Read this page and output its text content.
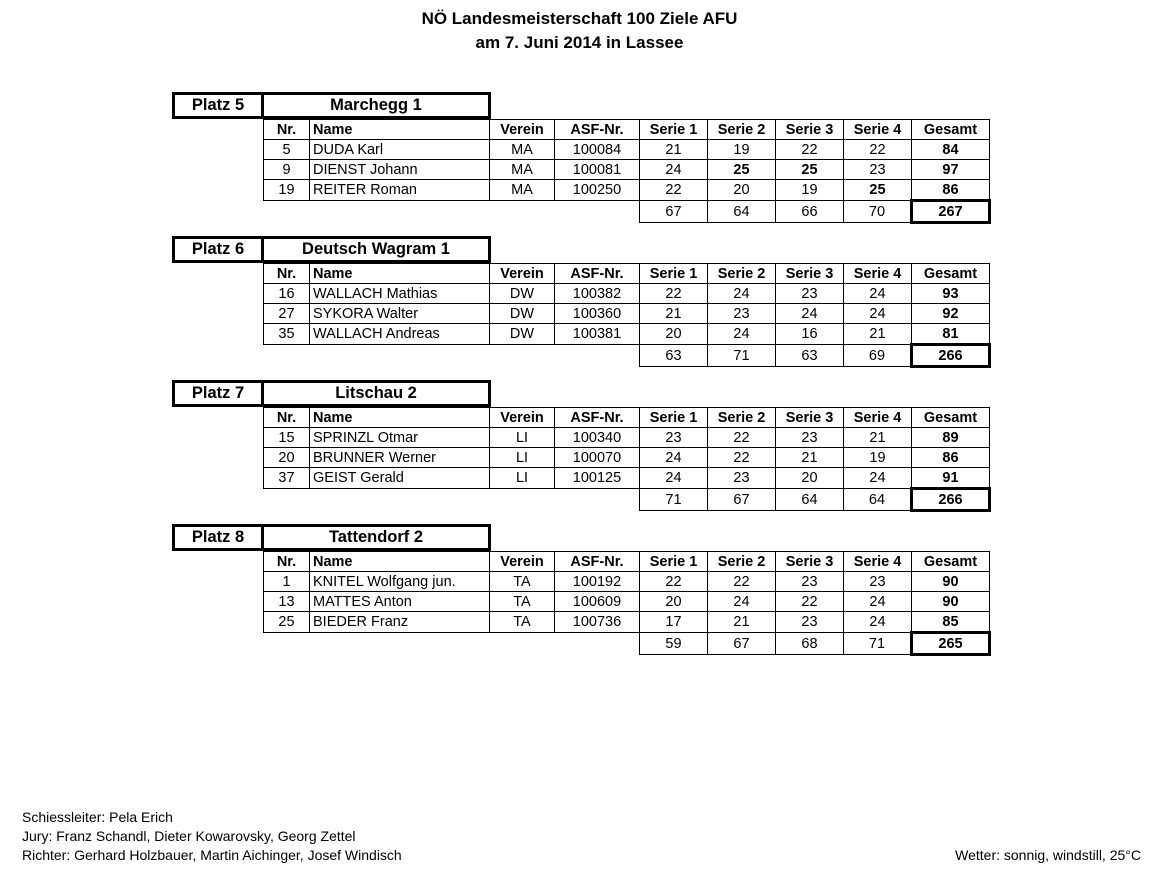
NÖ Landesmeisterschaft 100 Ziele AFU
am 7. Juni 2014 in Lassee
Platz 5	Marchegg 1
Nr.	Name	Verein	ASF-Nr.	Serie 1	Serie 2	Serie 3	Serie 4	Gesamt
5	DUDA Karl	MA	100084	21	19	22	22	84
9	DIENST Johann	MA	100081	24	25	25	23	97
19	REITER Roman	MA	100250	22	20	19	25	86
				67	64	66	70	267
Platz 6	Deutsch Wagram 1
Nr.	Name	Verein	ASF-Nr.	Serie 1	Serie 2	Serie 3	Serie 4	Gesamt
16	WALLACH Mathias	DW	100382	22	24	23	24	93
27	SYKORA Walter	DW	100360	21	23	24	24	92
35	WALLACH Andreas	DW	100381	20	24	16	21	81
				63	71	63	69	266
Platz 7	Litschau 2
Nr.	Name	Verein	ASF-Nr.	Serie 1	Serie 2	Serie 3	Serie 4	Gesamt
15	SPRINZL Otmar	LI	100340	23	22	23	21	89
20	BRUNNER Werner	LI	100070	24	22	21	19	86
37	GEIST Gerald	LI	100125	24	23	20	24	91
				71	67	64	64	266
Platz 8	Tattendorf 2
Nr.	Name	Verein	ASF-Nr.	Serie 1	Serie 2	Serie 3	Serie 4	Gesamt
1	KNITEL Wolfgang jun.	TA	100192	22	22	23	23	90
13	MATTES Anton	TA	100609	20	24	22	24	90
25	BIEDER Franz	TA	100736	17	21	23	24	85
				59	67	68	71	265
Schiessleiter: Pela Erich
Jury: Franz Schandl, Dieter Kowarovsky, Georg Zettel
Richter: Gerhard Holzbauer, Martin Aichinger, Josef Windisch	Wetter: sonnig, windstill, 25°C
